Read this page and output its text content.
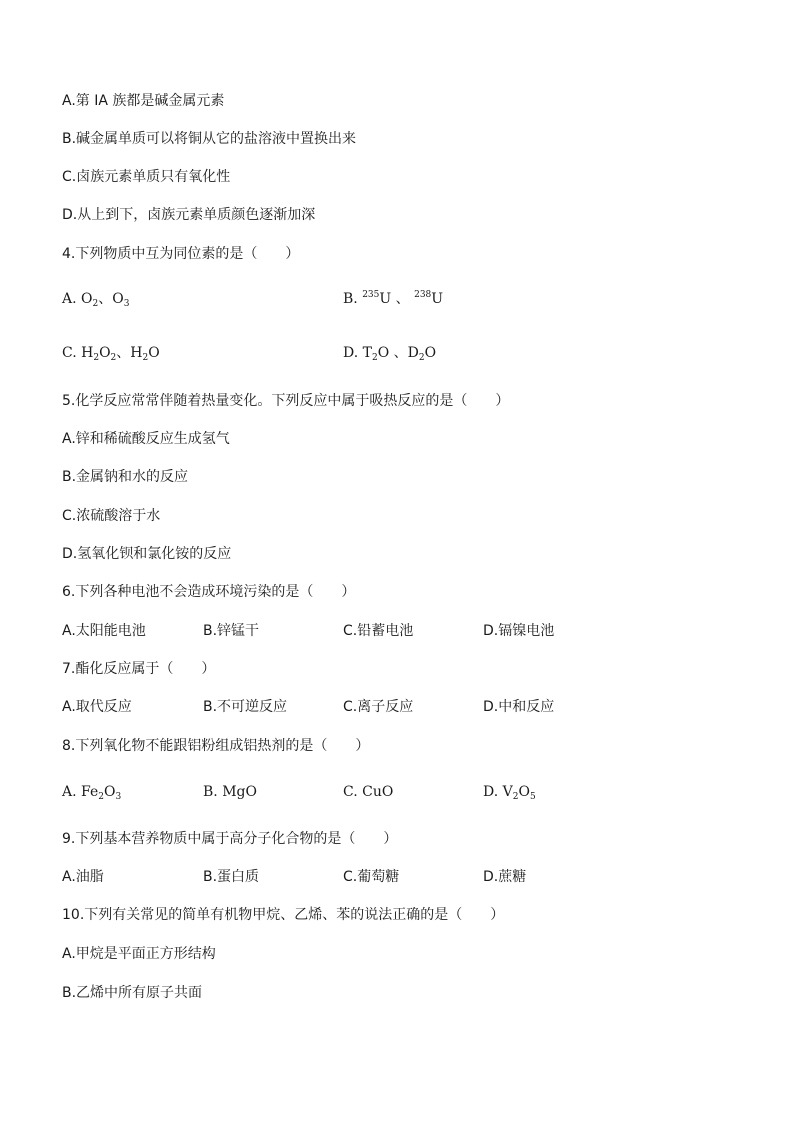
A.第 IA 族都是碱金属元素
B.碱金属单质可以将铜从它的盐溶液中置换出来
C.卤族元素单质只有氧化性
D.从上到下，卤族元素单质颜色逐渐加深
4.下列物质中互为同位素的是（　　）
A. $O_2$、$O_3$	B. $^{235}$U 、 $^{238}$U
C. $H_2O_2$、$H_2O$	D. $T_2O$ 、$D_2O$
5.化学反应常常伴随着热量变化。下列反应中属于吸热反应的是（　　）
A.锌和稀硫酸反应生成氢气
B.金属钠和水的反应
C.浓硫酸溶于水
D.氢氧化钡和氯化铵的反应
6.下列各种电池不会造成环境污染的是（　　）
A.太阳能电池	B.锌锰干	C.铅蓄电池	D.镉镍电池
7.酯化反应属于（　　）
A.取代反应	B.不可逆反应	C.离子反应	D.中和反应
8.下列氧化物不能跟铝粉组成铝热剂的是（　　）
A. $Fe_2O_3$	B. MgO	C. CuO	D. $V_2O_5$
9.下列基本营养物质中属于高分子化合物的是（　　）
A.油脂	B.蛋白质	C.葡萄糖	D.蔗糖
10.下列有关常见的简单有机物甲烷、乙烯、苯的说法正确的是（　　）
A.甲烷是平面正方形结构
B.乙烯中所有原子共面
